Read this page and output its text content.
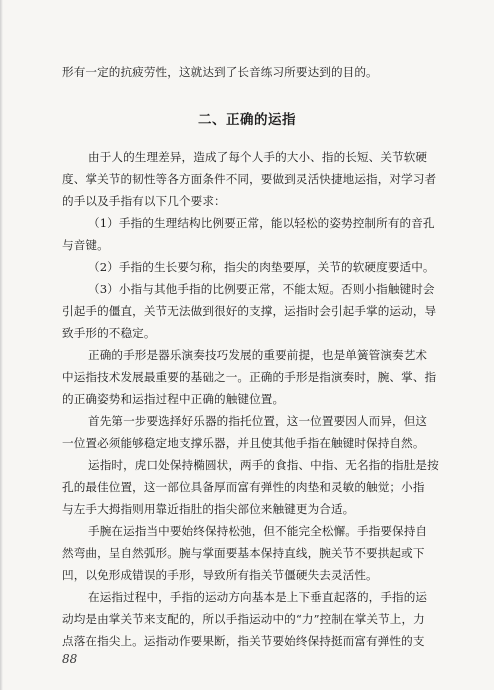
形有一定的抗疲劳性，这就达到了长音练习所要达到的目的。
二、正确的运指
由于人的生理差异，造成了每个人手的大小、指的长短、关节软硬
度、掌关节的韧性等各方面条件不同，要做到灵活快捷地运指，对学习者
的手以及手指有以下几个要求：
（1）手指的生理结构比例要正常，能以轻松的姿势控制所有的音孔
与音键。
（2）手指的生长要匀称，指尖的肉垫要厚，关节的软硬度要适中。
（3）小指与其他手指的比例要正常，不能太短。否则小指触键时会
引起手的僵直，关节无法做到很好的支撑，运指时会引起手掌的运动，导
致手形的不稳定。
正确的手形是器乐演奏技巧发展的重要前提，也是单簧管演奏艺术
中运指技术发展最重要的基础之一。正确的手形是指演奏时，腕、掌、指
的正确姿势和运指过程中正确的触键位置。
首先第一步要选择好乐器的指托位置，这一位置要因人而异，但这
一位置必须能够稳定地支撑乐器，并且使其他手指在触键时保持自然。
运指时，虎口处保持椭圆状，两手的食指、中指、无名指的指肚是按
孔的最佳位置，这一部位具备厚而富有弹性的肉垫和灵敏的触觉；小指
与左手大拇指则用靠近指肚的指尖部位来触键更为合适。
手腕在运指当中要始终保持松弛，但不能完全松懈。手指要保持自
然弯曲，呈自然弧形。腕与掌面要基本保持直线，腕关节不要拱起或下
凹，以免形成错误的手形，导致所有指关节僵硬失去灵活性。
在运指过程中，手指的运动方向基本是上下垂直起落的，手指的运
动均是由掌关节来支配的，所以手指运动中的“力”控制在掌关节上，力
点落在指尖上。运指动作要果断，指关节要始终保持挺而富有弹性的支
88
